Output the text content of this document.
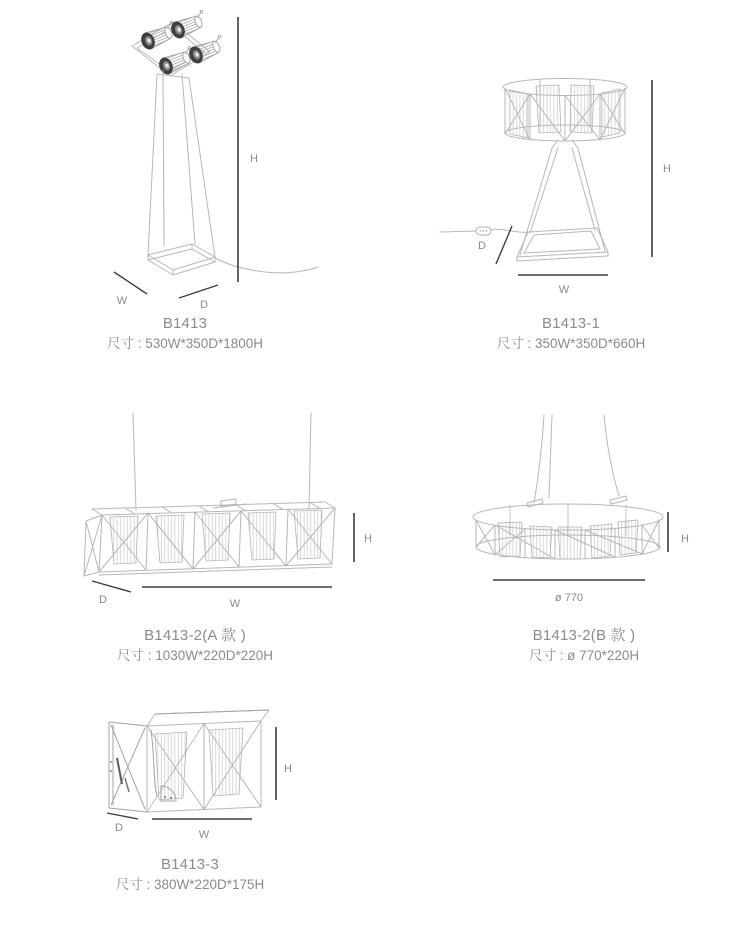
H
W	D
B1413
尺寸 : 530W*350D*1800H
H
W
D
B1413-1
尺寸 : 350W*350D*660H
H
D	W
B1413-2(A 款 )
尺寸 : 1030W*220D*220H
H
ø 770
B1413-2(B 款 )
尺寸 : ø 770*220H
H
D
W
B1413-3
尺寸 : 380W*220D*175H
